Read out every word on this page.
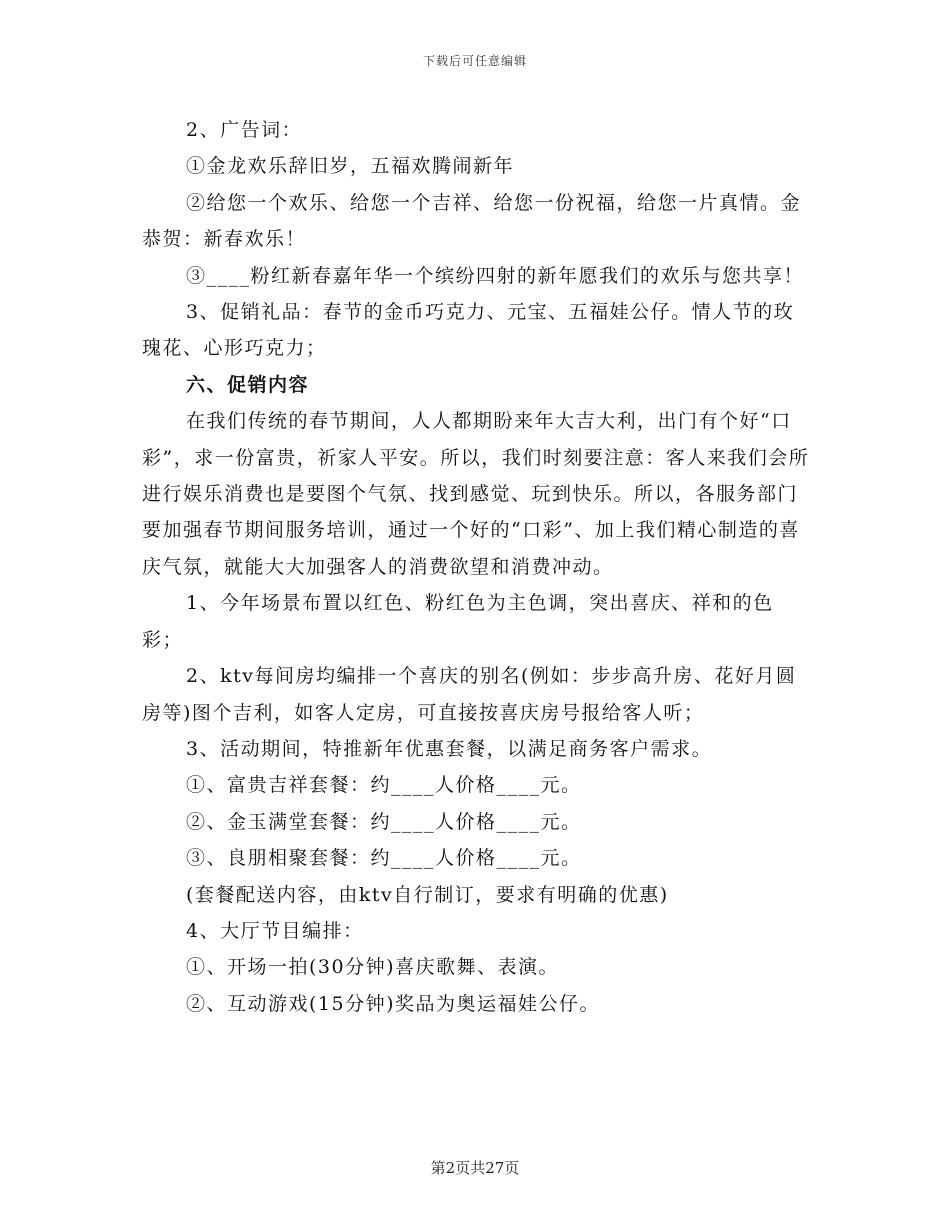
下载后可任意编辑

2、广告词：

①金龙欢乐辞旧岁，五福欢腾闹新年

②给您一个欢乐、给您一个吉祥、给您一份祝福，给您一片真情。金恭贺：新春欢乐！

③____粉红新春嘉年华一个缤纷四射的新年愿我们的欢乐与您共享！

3、促销礼品：春节的金币巧克力、元宝、五福娃公仔。情人节的玫瑰花、心形巧克力；

六、促销内容

在我们传统的春节期间，人人都期盼来年大吉大利，出门有个好“口彩”，求一份富贵，祈家人平安。所以，我们时刻要注意：客人来我们会所进行娱乐消费也是要图个气氛、找到感觉、玩到快乐。所以，各服务部门要加强春节期间服务培训，通过一个好的“口彩”、加上我们精心制造的喜庆气氛，就能大大加强客人的消费欲望和消费冲动。

1、今年场景布置以红色、粉红色为主色调，突出喜庆、祥和的色彩；

2、ktv每间房均编排一个喜庆的别名(例如：步步高升房、花好月圆房等)图个吉利，如客人定房，可直接按喜庆房号报给客人听；

3、活动期间，特推新年优惠套餐，以满足商务客户需求。

①、富贵吉祥套餐：约____人价格____元。

②、金玉满堂套餐：约____人价格____元。

③、良朋相聚套餐：约____人价格____元。

(套餐配送内容，由ktv自行制订，要求有明确的优惠)

4、大厅节目编排：

①、开场一拍(30分钟)喜庆歌舞、表演。

②、互动游戏(15分钟)奖品为奥运福娃公仔。

第2页共27页
